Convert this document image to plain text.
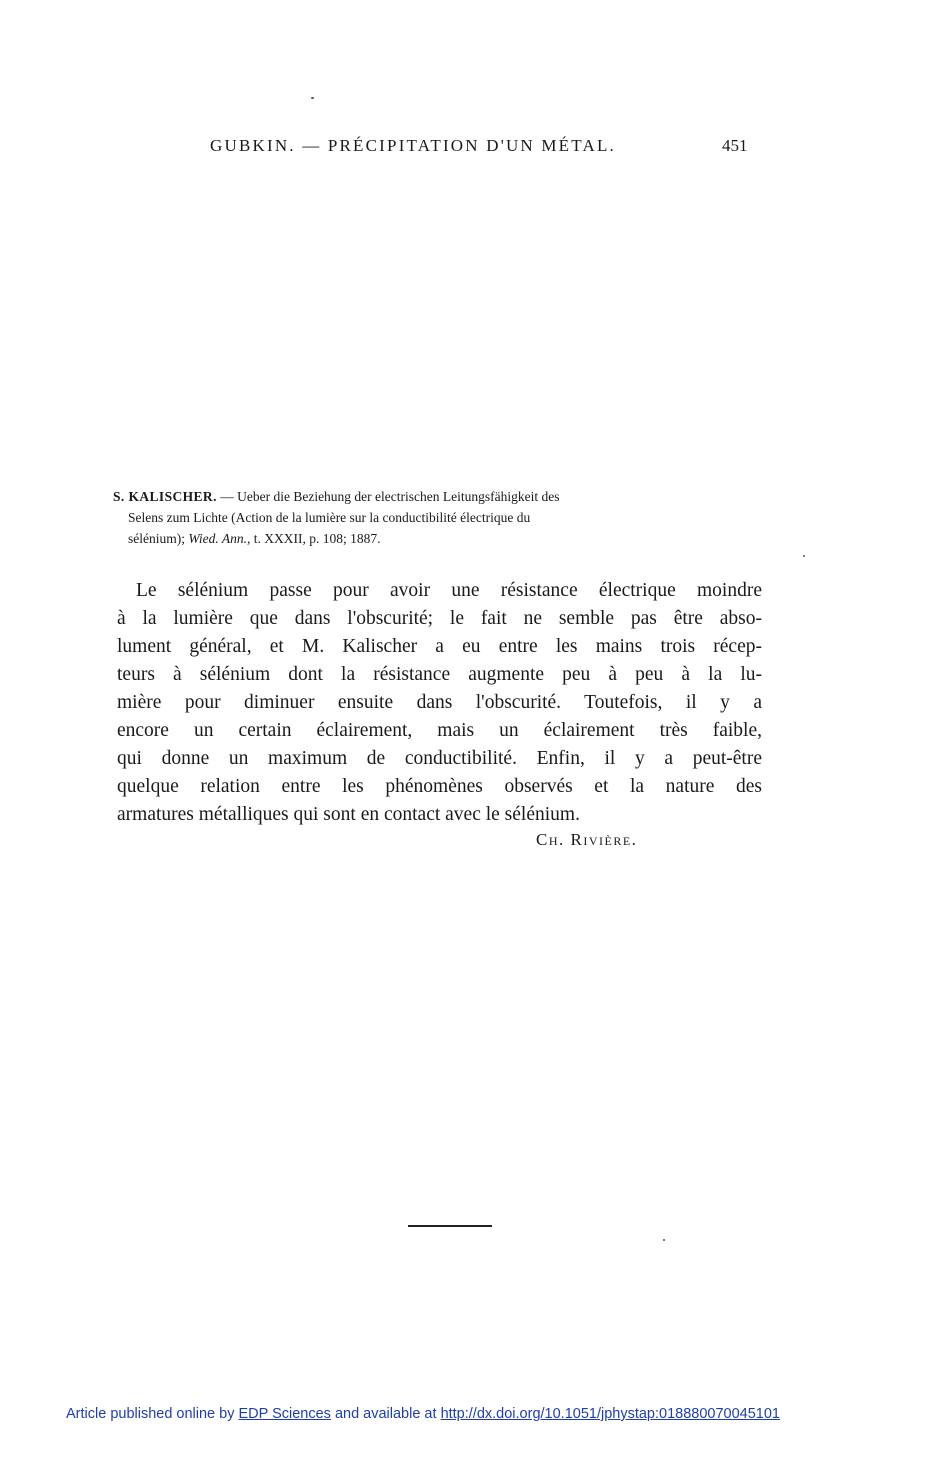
GUBKIN. — PRÉCIPITATION D'UN MÉTAL.	451
S. KALISCHER. — Ueber die Beziehung der electrischen Leitungsfähigkeit des
Selens zum Lichte (Action de la lumière sur la conductibilité électrique du
sélénium); Wied. Ann., t. XXXII, p. 108; 1887.
Le sélénium passe pour avoir une résistance électrique moindre
à la lumière que dans l'obscurité; le fait ne semble pas être abso-
lument général, et M. Kalischer a eu entre les mains trois récep-
teurs à sélénium dont la résistance augmente peu à peu à la lu-
mière pour diminuer ensuite dans l'obscurité. Toutefois, il y a
encore un certain éclairement, mais un éclairement très faible,
qui donne un maximum de conductibilité. Enfin, il y a peut-être
quelque relation entre les phénomènes observés et la nature des
armatures métalliques qui sont en contact avec le sélénium.
Ch. Rivière.
Article published online by EDP Sciences and available at http://dx.doi.org/10.1051/jphystap:018880070045101
